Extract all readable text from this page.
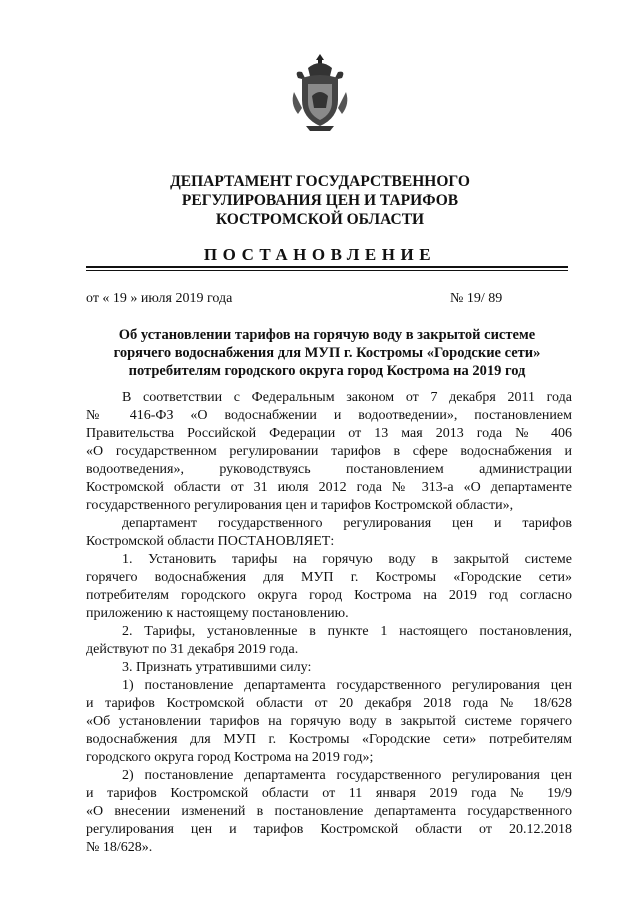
ДЕПАРТАМЕНТ ГОСУДАРСТВЕННОГО
РЕГУЛИРОВАНИЯ ЦЕН И ТАРИФОВ
КОСТРОМСКОЙ ОБЛАСТИ
ПОСТАНОВЛЕНИЕ
от « 19 » июля 2019 года	№ 19/ 89
Об установлении тарифов на горячую воду в закрытой системе
горячего водоснабжения для МУП г. Костромы «Городские сети»
потребителям городского округа город Кострома на 2019 год
В соответствии с Федеральным законом от 7 декабря 2011 года
№ 416-ФЗ «О водоснабжении и водоотведении», постановлением
Правительства Российской Федерации от 13 мая 2013 года № 406
«О государственном регулировании тарифов в сфере водоснабжения и
водоотведения», руководствуясь постановлением администрации
Костромской области от 31 июля 2012 года № 313-а «О департаменте
государственного регулирования цен и тарифов Костромской области»,
департамент государственного регулирования цен и тарифов
Костромской области ПОСТАНОВЛЯЕТ:
1. Установить тарифы на горячую воду в закрытой системе
горячего водоснабжения для МУП г. Костромы «Городские сети»
потребителям городского округа город Кострома на 2019 год согласно
приложению к настоящему постановлению.
2. Тарифы, установленные в пункте 1 настоящего постановления,
действуют по 31 декабря 2019 года.
3. Признать утратившими силу:
1) постановление департамента государственного регулирования цен
и тарифов Костромской области от 20 декабря 2018 года № 18/628
«Об установлении тарифов на горячую воду в закрытой системе горячего
водоснабжения для МУП г. Костромы «Городские сети» потребителям
городского округа город Кострома на 2019 год»;
2) постановление департамента государственного регулирования цен
и тарифов Костромской области от 11 января 2019 года № 19/9
«О внесении изменений в постановление департамента государственного
регулирования цен и тарифов Костромской области от 20.12.2018
№ 18/628».
